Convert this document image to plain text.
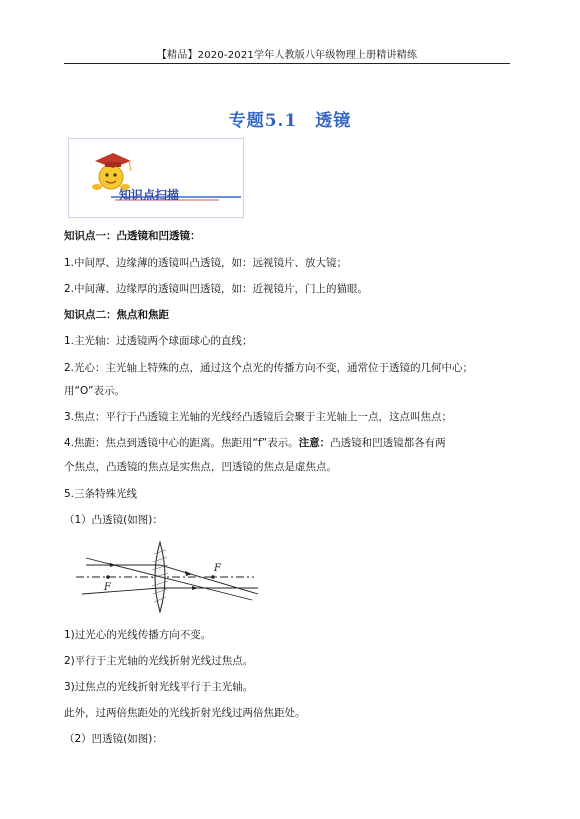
【精品】2020-2021学年人教版八年级物理上册精讲精练
专题5.1 透镜
知识点扫描
知识点一：凸透镜和凹透镜：
1.中间厚、边缘薄的透镜叫凸透镜，如：远视镜片、放大镜；
2.中间薄、边缘厚的透镜叫凹透镜，如：近视镜片，门上的猫眼。
知识点二：焦点和焦距
1.主光轴：过透镜两个球面球心的直线；
2.光心：主光轴上特殊的点，通过这个点光的传播方向不变，通常位于透镜的几何中心；
用“O”表示。
3.焦点：平行于凸透镜主光轴的光线经凸透镜后会聚于主光轴上一点，这点叫焦点；
4.焦距：焦点到透镜中心的距离。焦距用“f”表示。注意：凸透镜和凹透镜都各有两
个焦点，凸透镜的焦点是实焦点，凹透镜的焦点是虚焦点。
5.三条特殊光线
（1）凸透镜(如图)：
F
F
1)过光心的光线传播方向不变。
2)平行于主光轴的光线折射光线过焦点。
3)过焦点的光线折射光线平行于主光轴。
此外，过两倍焦距处的光线折射光线过两倍焦距处。
（2）凹透镜(如图)：
